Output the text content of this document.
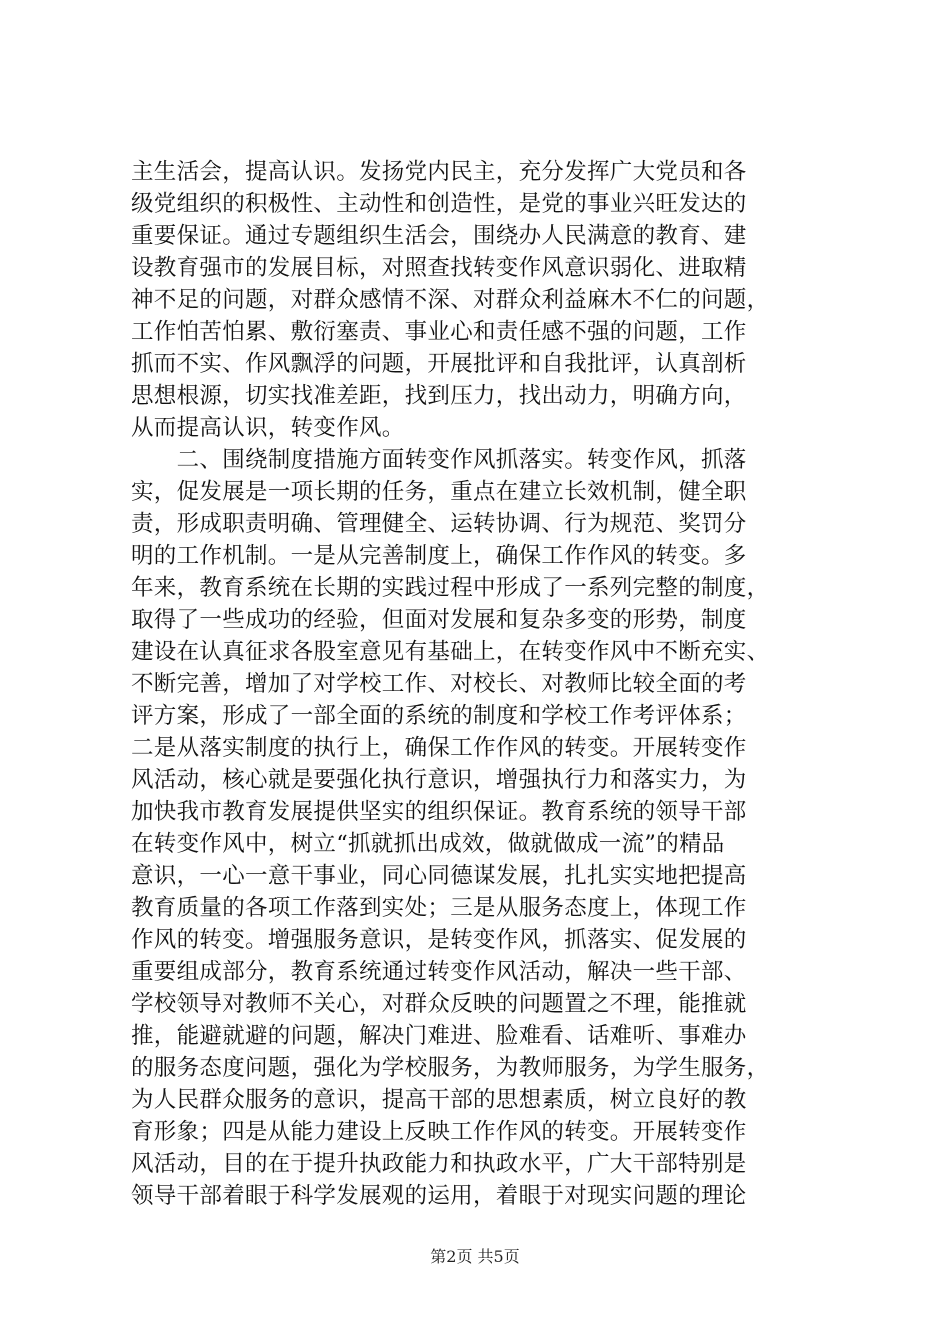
主生活会，提高认识。发扬党内民主，充分发挥广大党员和各
级党组织的积极性、主动性和创造性，是党的事业兴旺发达的
重要保证。通过专题组织生活会，围绕办人民满意的教育、建
设教育强市的发展目标，对照查找转变作风意识弱化、进取精
神不足的问题，对群众感情不深、对群众利益麻木不仁的问题，
工作怕苦怕累、敷衍塞责、事业心和责任感不强的问题，工作
抓而不实、作风飘浮的问题，开展批评和自我批评，认真剖析
思想根源，切实找准差距，找到压力，找出动力，明确方向，
从而提高认识，转变作风。
　　二、围绕制度措施方面转变作风抓落实。转变作风，抓落
实，促发展是一项长期的任务，重点在建立长效机制，健全职
责，形成职责明确、管理健全、运转协调、行为规范、奖罚分
明的工作机制。一是从完善制度上，确保工作作风的转变。多
年来，教育系统在长期的实践过程中形成了一系列完整的制度，
取得了一些成功的经验，但面对发展和复杂多变的形势，制度
建设在认真征求各股室意见有基础上，在转变作风中不断充实、
不断完善，增加了对学校工作、对校长、对教师比较全面的考
评方案，形成了一部全面的系统的制度和学校工作考评体系；
二是从落实制度的执行上，确保工作作风的转变。开展转变作
风活动，核心就是要强化执行意识，增强执行力和落实力，为
加快我市教育发展提供坚实的组织保证。教育系统的领导干部
在转变作风中，树立“抓就抓出成效，做就做成一流”的精品
意识，一心一意干事业，同心同德谋发展，扎扎实实地把提高
教育质量的各项工作落到实处；三是从服务态度上，体现工作
作风的转变。增强服务意识，是转变作风，抓落实、促发展的
重要组成部分，教育系统通过转变作风活动，解决一些干部、
学校领导对教师不关心，对群众反映的问题置之不理，能推就
推，能避就避的问题，解决门难进、脸难看、话难听、事难办
的服务态度问题，强化为学校服务，为教师服务，为学生服务，
为人民群众服务的意识，提高干部的思想素质，树立良好的教
育形象；四是从能力建设上反映工作作风的转变。开展转变作
风活动，目的在于提升执政能力和执政水平，广大干部特别是
领导干部着眼于科学发展观的运用，着眼于对现实问题的理论
第2页 共5页
